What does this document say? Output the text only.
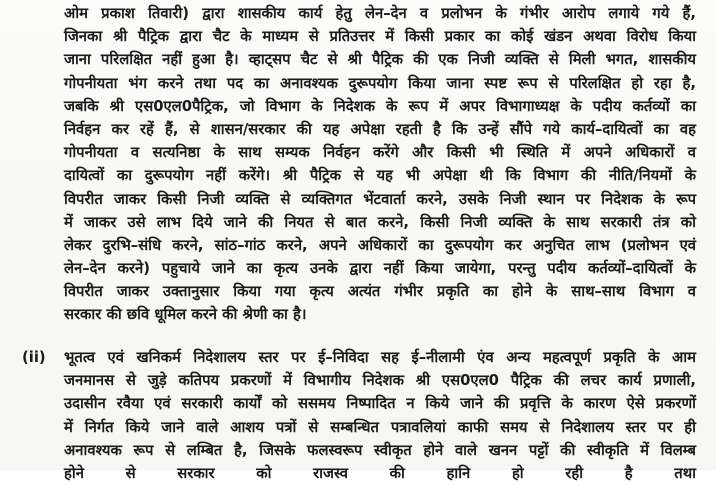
ओम प्रकाश तिवारी) द्वारा शासकीय कार्य हेतु लेन–देन व प्रलोभन के गंभीर आरोप लगाये गये हैं,
जिनका श्री पैट्रिक द्वारा चैट के माध्यम से प्रतिउत्तर में किसी प्रकार का कोई खंडन अथवा विरोध किया
जाना परिलक्षित नहीं हुआ है। व्हाट्सप चैट से श्री पैट्रिक की एक निजी व्यक्ति से मिली भगत, शासकीय
गोपनीयता भंग करने तथा पद का अनावश्यक दुरूपयोग किया जाना स्पष्ट रूप से परिलक्षित हो रहा है,
जबकि श्री एस0एल0पैट्रिक, जो विभाग के निदेशक के रूप में अपर विभागाध्यक्ष के पदीय कर्तव्यों का
निर्वहन कर रहें हैं, से शासन/सरकार की यह अपेक्षा रहती है कि उन्हें सौंपे गये कार्य–दायित्वों का वह
गोपनीयता व सत्यनिष्ठा के साथ सम्यक निर्वहन करेंगे और किसी भी स्थिति में अपने अधिकारों व
दायित्वों का दुरूपयोग नहीं करेंगे। श्री पैट्रिक से यह भी अपेक्षा थी कि विभाग की नीति/नियमों के
विपरीत जाकर किसी निजी व्यक्ति से व्यक्तिगत भेंटवार्ता करने, उसके निजी स्थान पर निदेशक के रूप
में जाकर उसे लाभ दिये जाने की नियत से बात करने, किसी निजी व्यक्ति के साथ सरकारी तंत्र को
लेकर दुरभि–संधि करने, सांठ–गांठ करने, अपने अधिकारों का दुरूपयोग कर अनुचित लाभ (प्रलोभन एवं
लेन–देन करने) पहुचाये जाने का कृत्य उनके द्वारा नहीं किया जायेगा, परन्तु पदीय कर्तव्यों–दायित्वों के
विपरीत जाकर उक्तानुसार किया गया कृत्य अत्यंत गंभीर प्रकृति का होने के साथ–साथ विभाग व
सरकार की छवि धूमिल करने की श्रेणी का है।
(ii)	भूतत्व एवं खनिकर्म निदेशालय स्तर पर ई–निविदा सह ई–नीलामी एंव अन्य महत्वपूर्ण प्रकृति के आम
जनमानस से जुड़े कतिपय प्रकरणों में विभागीय निदेशक श्री एस0एल0 पैट्रिक की लचर कार्य प्रणाली,
उदासीन रवैया एवं सरकारी कार्यों को ससमय निष्पादित न किये जाने की प्रवृत्ति के कारण ऐसे प्रकरणों
में निर्गत किये जाने वाले आशय पत्रों से सम्बन्धित पत्रावलियां काफी समय से निदेशालय स्तर पर ही
अनावश्यक रूप से लम्बित है, जिसके फलस्वरूप स्वीकृत होने वाले खनन पट्टों की स्वीकृति में विलम्ब
होने से सरकार को राजस्व की हानि हो रही है तथा
